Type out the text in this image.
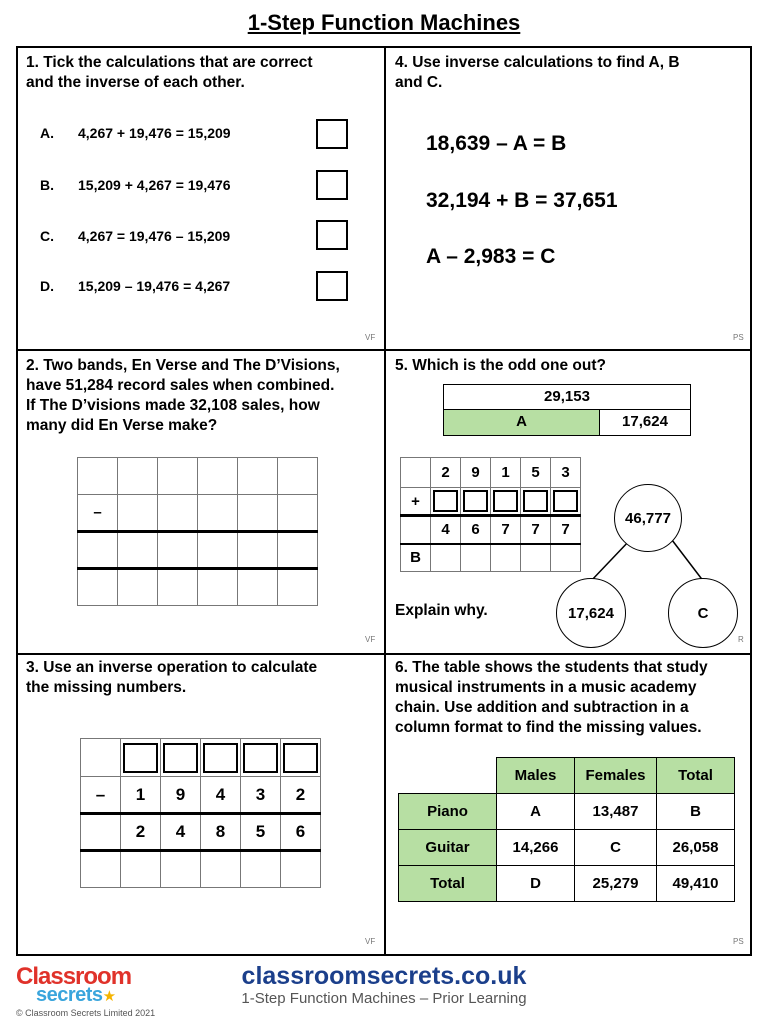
1-Step Function Machines
1. Tick the calculations that are correct
and the inverse of each other.
A. 4,267 + 19,476 = 15,209
B. 15,209 + 4,267 = 19,476
C. 4,267 = 19,476 – 15,209
D. 15,209 – 19,476 = 4,267
VF
4. Use inverse calculations to find A, B
and C.
18,639 – A = B
32,194 + B = 37,651
A – 2,983 = C
PS
2. Two bands, En Verse and The D’Visions,
have 51,284 record sales when combined.
If The D’visions made 32,108 sales, how
many did En Verse make?

–					

VF
5. Which is the odd one out?
29,153
A	17,624
	2	9	1	5	3
+	

	4	6	7	7	7
B					
46,777
17,624	C
Explain why.
R
3. Use an inverse operation to calculate
the missing numbers.

–	1	9	4	3	2
	2	4	8	5	6

VF
6. The table shows the students that study
musical instruments in a music academy
chain. Use addition and subtraction in a
column format to find the missing values.
	Males	Females	Total
Piano	A	13,487	B
Guitar	14,266	C	26,058
Total	D	25,279	49,410
PS
Classroom
secrets★
© Classroom Secrets Limited 2021
classroomsecrets.co.uk
1-Step Function Machines – Prior Learning
